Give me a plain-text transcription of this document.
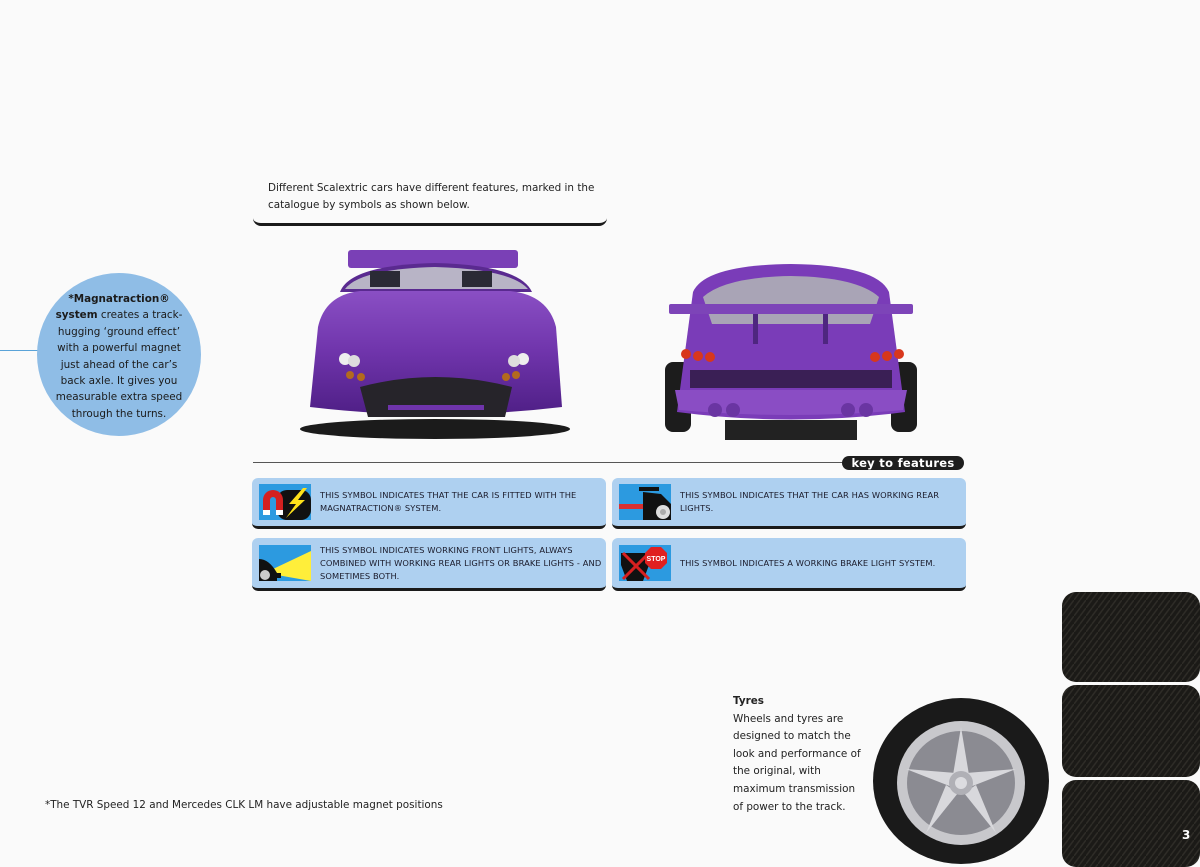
Different Scalextric cars have different features, marked in the catalogue by symbols as shown below.

*Magnatraction®
system creates a track-hugging ‘ground effect’ with a powerful magnet just ahead of the car’s back axle. It gives you measurable extra speed through the turns.

key to features
THIS SYMBOL INDICATES THAT THE CAR IS FITTED WITH THE MAGNATRACTION® SYSTEM.
THIS SYMBOL INDICATES THAT THE CAR HAS WORKING REAR LIGHTS.
THIS SYMBOL INDICATES WORKING FRONT LIGHTS, ALWAYS COMBINED WITH WORKING REAR LIGHTS OR BRAKE LIGHTS - AND SOMETIMES BOTH.
STOP THIS SYMBOL INDICATES A WORKING BRAKE LIGHT SYSTEM.
Tyres

Wheels and tyres are designed to match the look and performance of the original, with maximum transmission of power to the track.

*The TVR Speed 12 and Mercedes CLK LM have adjustable magnet positions
3
